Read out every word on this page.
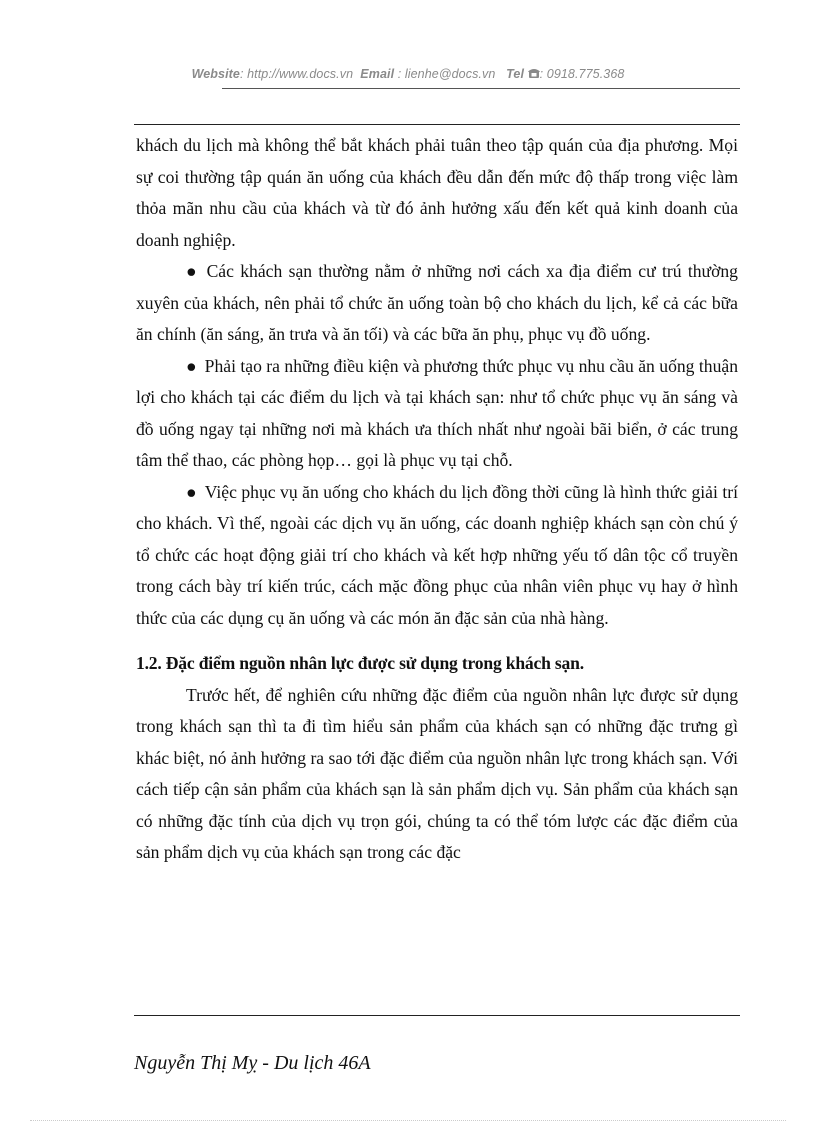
Website: http://www.docs.vn Email : lienhe@docs.vn Tel : 0918.775.368

khách du lịch mà không thể bắt khách phải tuân theo tập quán của địa phương. Mọi sự coi thường tập quán ăn uống của khách đều dẫn đến mức độ thấp trong việc làm thỏa mãn nhu cầu của khách và từ đó ảnh hưởng xấu đến kết quả kinh doanh của doanh nghiệp.

● Các khách sạn thường nằm ở những nơi cách xa địa điểm cư trú thường xuyên của khách, nên phải tổ chức ăn uống toàn bộ cho khách du lịch, kể cả các bữa ăn chính (ăn sáng, ăn trưa và ăn tối) và các bữa ăn phụ, phục vụ đồ uống.

● Phải tạo ra những điều kiện và phương thức phục vụ nhu cầu ăn uống thuận lợi cho khách tại các điểm du lịch và tại khách sạn: như tổ chức phục vụ ăn sáng và đồ uống ngay tại những nơi mà khách ưa thích nhất như ngoài bãi biển, ở các trung tâm thể thao, các phòng họp… gọi là phục vụ tại chỗ.

● Việc phục vụ ăn uống cho khách du lịch đồng thời cũng là hình thức giải trí cho khách. Vì thế, ngoài các dịch vụ ăn uống, các doanh nghiệp khách sạn còn chú ý tổ chức các hoạt động giải trí cho khách và kết hợp những yếu tố dân tộc cổ truyền trong cách bày trí kiến trúc, cách mặc đồng phục của nhân viên phục vụ hay ở hình thức của các dụng cụ ăn uống và các món ăn đặc sản của nhà hàng.

1.2. Đặc điểm nguồn nhân lực được sử dụng trong khách sạn.

Trước hết, để nghiên cứu những đặc điểm của nguồn nhân lực được sử dụng trong khách sạn thì ta đi tìm hiểu sản phẩm của khách sạn có những đặc trưng gì khác biệt, nó ảnh hưởng ra sao tới đặc điểm của nguồn nhân lực trong khách sạn. Với cách tiếp cận sản phẩm của khách sạn là sản phẩm dịch vụ. Sản phẩm của khách sạn có những đặc tính của dịch vụ trọn gói, chúng ta có thể tóm lược các đặc điểm của sản phẩm dịch vụ của khách sạn trong các đặc

Nguyễn Thị Mỵ - Du lịch 46A
